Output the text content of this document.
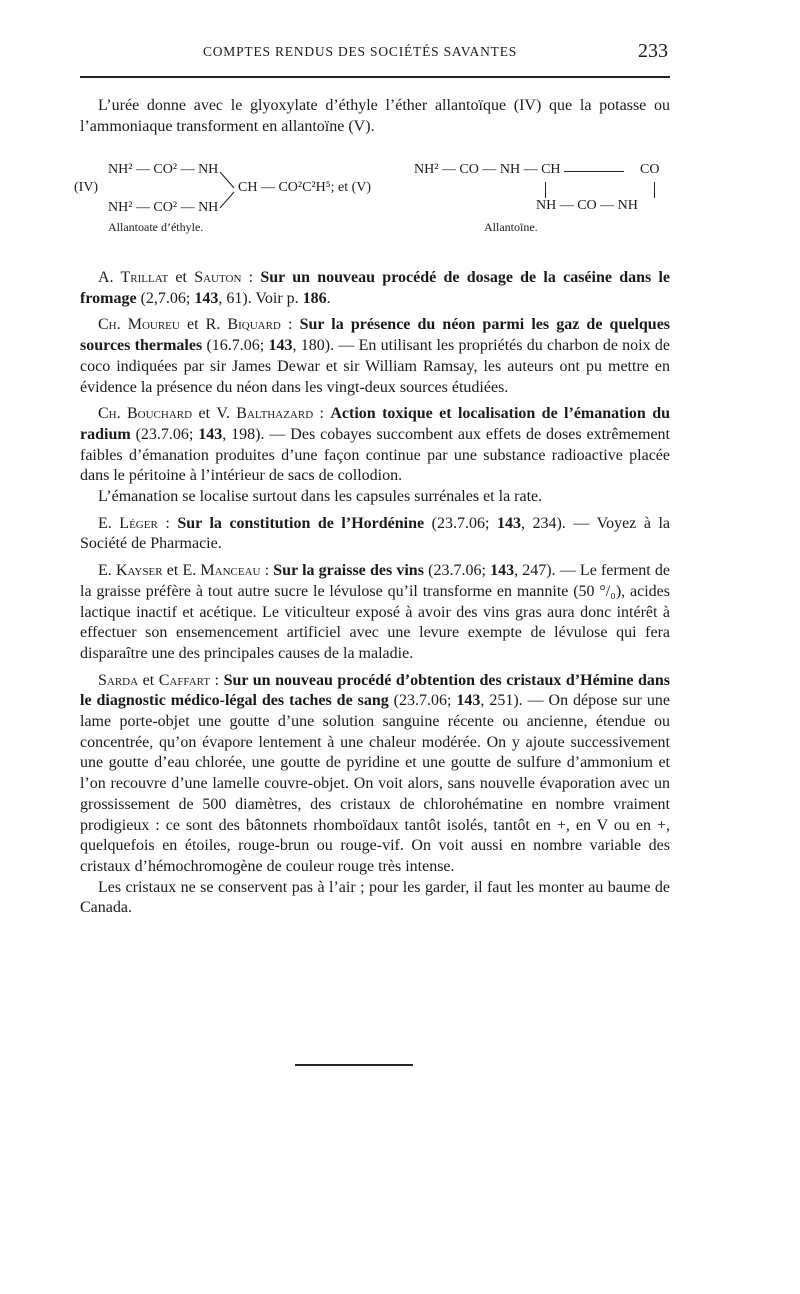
COMPTES RENDUS DES SOCIÉTÉS SAVANTES	233

L’urée donne avec le glyoxylate d’éthyle l’éther allantoïque (IV) que la potasse ou l’ammoniaque transforment en allantoïne (V).

(IV)
NH² — CO² — NH
NH² — CO² — NH
CH — CO²C²H⁵; et (V)
Allantoate d’éthyle.
NH² — CO — NH — CH	CO
NH — CO — NH
Allantoïne.

A. Trillat et Sauton : Sur un nouveau procédé de dosage de la caséine dans le fromage (2,7.06; 143, 61). Voir p. 186.

Ch. Moureu et R. Biquard : Sur la présence du néon parmi les gaz de quelques sources thermales (16.7.06; 143, 180). — En utilisant les propriétés du charbon de noix de coco indiquées par sir James Dewar et sir William Ramsay, les auteurs ont pu mettre en évidence la présence du néon dans les vingt-deux sources étudiées.

Ch. Bouchard et V. Balthazard : Action toxique et localisation de l’émanation du radium (23.7.06; 143, 198). — Des cobayes succombent aux effets de doses extrêmement faibles d’émanation produites d’une façon continue par une substance radioactive placée dans le péritoine à l’intérieur de sacs de collodion.

L’émanation se localise surtout dans les capsules surrénales et la rate.

E. Léger : Sur la constitution de l’Hordénine (23.7.06; 143, 234). — Voyez à la Société de Pharmacie.

E. Kayser et E. Manceau : Sur la graisse des vins (23.7.06; 143, 247). — Le ferment de la graisse préfère à tout autre sucre le lévulose qu’il transforme en mannite (50 °/₀), acides lactique inactif et acétique. Le viticulteur exposé à avoir des vins gras aura donc intérêt à effectuer son ensemencement artificiel avec une levure exempte de lévulose qui fera disparaître une des principales causes de la maladie.

Sarda et Caffart : Sur un nouveau procédé d’obtention des cristaux d’Hémine dans le diagnostic médico-légal des taches de sang (23.7.06; 143, 251). — On dépose sur une lame porte-objet une goutte d’une solution sanguine récente ou ancienne, étendue ou concentrée, qu’on évapore lentement à une chaleur modérée. On y ajoute successivement une goutte d’eau chlorée, une goutte de pyridine et une goutte de sulfure d’ammonium et l’on recouvre d’une lamelle couvre-objet. On voit alors, sans nouvelle évaporation avec un grossissement de 500 diamètres, des cristaux de chlorohématine en nombre vraiment prodigieux : ce sont des bâtonnets rhomboïdaux tantôt isolés, tantôt en +, en V ou en +, quelquefois en étoiles, rouge-brun ou rouge-vif. On voit aussi en nombre variable des cristaux d’hémochromogène de couleur rouge très intense.

Les cristaux ne se conservent pas à l’air ; pour les garder, il faut les monter au baume de Canada.
